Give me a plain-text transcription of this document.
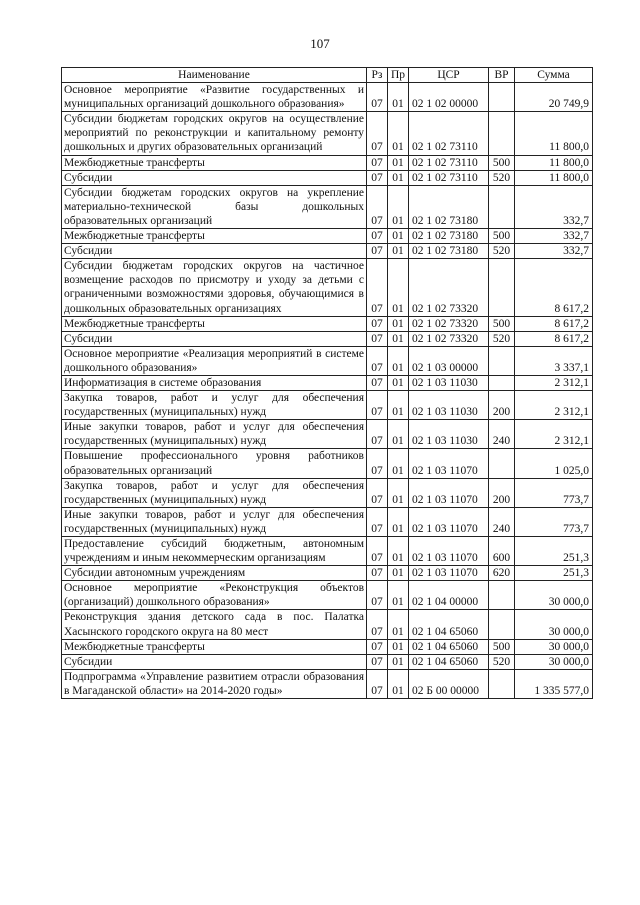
107
Наименование	Рз	Пр	ЦСР	ВР	Сумма
Основное мероприятие «Развитие государственных и муниципальных организаций дошкольного образования»	07	01	02 1 02 00000		20 749,9
Субсидии бюджетам городских округов на осуществление мероприятий по реконструкции и капитальному ремонту дошкольных и других образовательных организаций	07	01	02 1 02 73110		11 800,0
Межбюджетные трансферты	07	01	02 1 02 73110	500	11 800,0
Субсидии	07	01	02 1 02 73110	520	11 800,0
Субсидии бюджетам городских округов на укрепление материально-технической базы дошкольных образовательных организаций	07	01	02 1 02 73180		332,7
Межбюджетные трансферты	07	01	02 1 02 73180	500	332,7
Субсидии	07	01	02 1 02 73180	520	332,7
Субсидии бюджетам городских округов на частичное возмещение расходов по присмотру и уходу за детьми с ограниченными возможностями здоровья, обучающимися в дошкольных образовательных организациях	07	01	02 1 02 73320		8 617,2
Межбюджетные трансферты	07	01	02 1 02 73320	500	8 617,2
Субсидии	07	01	02 1 02 73320	520	8 617,2
Основное мероприятие «Реализация мероприятий в системе дошкольного образования»	07	01	02 1 03 00000		3 337,1
Информатизация в системе образования	07	01	02 1 03 11030		2 312,1
Закупка товаров, работ и услуг для обеспечения государственных (муниципальных) нужд	07	01	02 1 03 11030	200	2 312,1
Иные закупки товаров, работ и услуг для обеспечения государственных (муниципальных) нужд	07	01	02 1 03 11030	240	2 312,1
Повышение профессионального уровня работников образовательных организаций	07	01	02 1 03 11070		1 025,0
Закупка товаров, работ и услуг для обеспечения государственных (муниципальных) нужд	07	01	02 1 03 11070	200	773,7
Иные закупки товаров, работ и услуг для обеспечения государственных (муниципальных) нужд	07	01	02 1 03 11070	240	773,7
Предоставление субсидий бюджетным, автономным учреждениям и иным некоммерческим организациям	07	01	02 1 03 11070	600	251,3
Субсидии автономным учреждениям	07	01	02 1 03 11070	620	251,3
Основное мероприятие «Реконструкция объектов (организаций) дошкольного образования»	07	01	02 1 04 00000		30 000,0
Реконструкция здания детского сада в пос. Палатка Хасынского городского округа на 80 мест	07	01	02 1 04 65060		30 000,0
Межбюджетные трансферты	07	01	02 1 04 65060	500	30 000,0
Субсидии	07	01	02 1 04 65060	520	30 000,0
Подпрограмма «Управление развитием отрасли образования в Магаданской области» на 2014-2020 годы»	07	01	02 Б 00 00000		1 335 577,0
